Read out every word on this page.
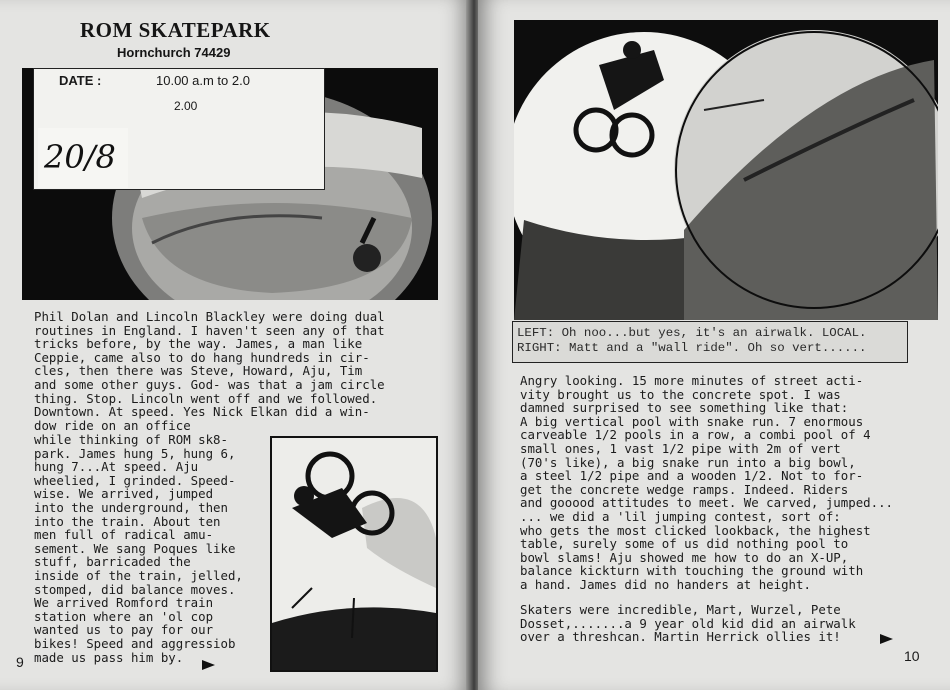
ROM SKATEPARK
Hornchurch 74429
DATE :	10.00 a.m to 2.0
2.00
20/8
Phil Dolan and Lincoln Blackley were doing dual
routines in England. I haven't seen any of that
tricks before, by the way. James, a man like
Ceppie, came also to do hang hundreds in cir-
cles, then there was Steve, Howard, Aju, Tim
and some other guys. God- was that a jam circle
thing. Stop. Lincoln went off and we followed.
Downtown. At speed. Yes Nick Elkan did a win-
dow ride on an office
while thinking of ROM sk8-
park. James hung 5, hung 6,
hung 7...At speed. Aju
wheelied, I grinded. Speed-
wise. We arrived, jumped
into the underground, then
into the train. About ten
men full of radical amu-
sement. We sang Poques like
stuff, barricaded the
inside of the train, jelled,
stomped, did balance moves.
We arrived Romford train
station where an 'ol cop
wanted us to pay for our
bikes! Speed and aggressiob
made us pass him by.
9
LEFT: Oh noo...but yes, it's an airwalk. LOCAL.
RIGHT: Matt and a "wall ride". Oh so vert......
Angry looking. 15 more minutes of street acti-
vity brought us to the concrete spot. I was
damned surprised to see something like that:
A big vertical pool with snake run. 7 enormous
carveable 1/2 pools in a row, a combi pool of 4
small ones, 1 vast 1/2 pipe with 2m of vert
(70's like), a big snake run into a big bowl,
a steel 1/2 pipe and a wooden 1/2. Not to for-
get the concrete wedge ramps. Indeed. Riders
and gooood attitudes to meet. We carved, jumped...
... we did a 'lil jumping contest, sort of:
who gets the most clicked lookback, the highest
table, surely some of us did nothing pool to
bowl slams! Aju showed me how to do an X-UP,
balance kickturn with touching the ground with
a hand. James did no handers at height.
Skaters were incredible, Mart, Wurzel, Pete
Dosset,.......a 9 year old kid did an airwalk
over a threshcan. Martin Herrick ollies it!
10
